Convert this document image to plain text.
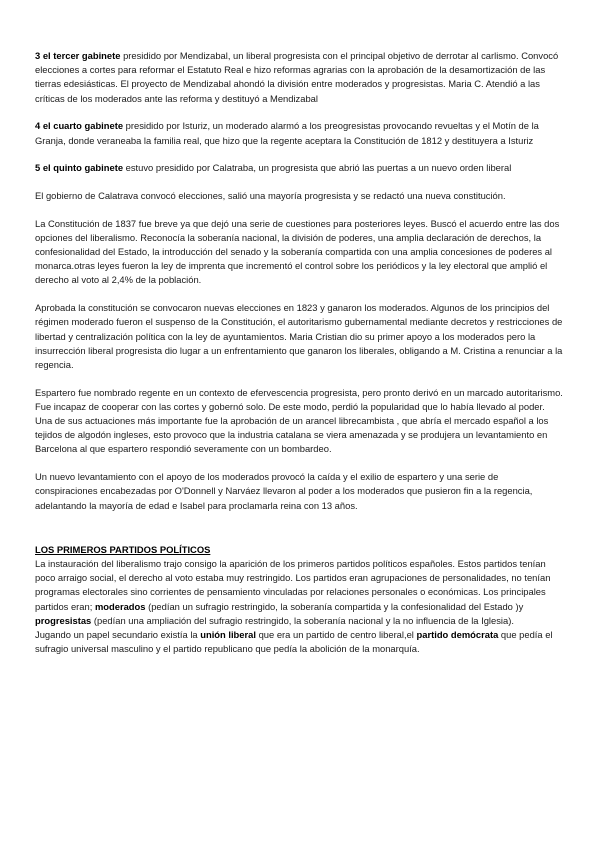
3 el tercer gabinete presidido por Mendizabal, un liberal progresista con el principal objetivo de derrotar al carlismo. Convocó elecciones a cortes para reformar el Estatuto Real e hizo reformas agrarias con la aprobación de la desamortización de las tierras edesiásticas. El proyecto de Mendizabal ahondó la división entre moderados y progresistas. Maria C. Atendió a las críticas de los moderados ante las reforma y destituyó a Mendizabal

4 el cuarto gabinete presidido por Isturiz, un moderado alarmó a los preogresistas provocando revueltas y el Motín de la Granja, donde veraneaba la familia real, que hizo que la regente aceptara la Constitución de 1812 y destituyera a Isturiz

5 el quinto gabinete estuvo presidido por Calatraba, un progresista que abrió las puertas a un nuevo orden liberal

El gobierno de Calatrava convocó elecciones, salió una mayoría progresista y se redactó una nueva constitución.

La Constitución de 1837 fue breve ya que dejó una serie de cuestiones para posteriores leyes. Buscó el acuerdo entre las dos opciones del liberalismo. Reconocía la soberanía nacional, la división de poderes, una amplia declaración de derechos, la confesionalidad del Estado, la introducción del senado y la soberanía compartida con una amplia concesiones de poderes al monarca.otras leyes fueron la ley de imprenta que incrementó el control sobre los periódicos y la ley electoral que amplió el derecho al voto al 2,4% de la población.

Aprobada la constitución se convocaron nuevas elecciones en 1823 y ganaron los moderados. Algunos de los principios del régimen moderado fueron el suspenso de la Constitución, el autoritarismo gubernamental mediante decretos y restricciones de libertad y centralización política con la ley de ayuntamientos. Maria Cristian dio su primer apoyo a los moderados pero la insurrección liberal progresista dio lugar a un enfrentamiento que ganaron los liberales, obligando a M. Cristina a renunciar a la regencia.

Espartero fue nombrado regente en un contexto de efervescencia progresista, pero pronto derivó en un marcado autoritarismo. Fue incapaz de cooperar con las cortes y gobernó solo. De este modo, perdió la popularidad que lo había llevado al poder. Una de sus actuaciones más importante fue la aprobación de un arancel librecambista , que abría el mercado español a los tejidos de algodón ingleses, esto provoco que la industria catalana se viera amenazada y se produjera un levantamiento en Barcelona al que espartero respondió severamente con un bombardeo.

Un nuevo levantamiento con el apoyo de los moderados provocó la caída y el exilio de espartero y una serie de conspiraciones encabezadas por O'Donnell y Narváez llevaron al poder a los moderados que pusieron fin a la regencia, adelantando la mayoría de edad e Isabel para proclamarla reina con 13 años.

LOS PRIMEROS PARTIDOS POLÍTICOS

La instauración del liberalismo trajo consigo la aparición de los primeros partidos políticos españoles. Estos partidos tenían poco arraigo social, el derecho al voto estaba muy restringido. Los partidos eran agrupaciones de personalidades, no tenían programas electorales sino corrientes de pensamiento vinculadas por relaciones personales o económicas. Los principales partidos eran; moderados (pedían un sufragio restringido, la soberanía compartida y la confesionalidad del Estado )y progresistas (pedían una ampliación del sufragio restringido, la soberanía nacional y la no influencia de la Iglesia).

Jugando un papel secundario existía la unión liberal que era un partido de centro liberal,el partido demócrata que pedía el sufragio universal masculino y el partido republicano que pedía la abolición de la monarquía.
